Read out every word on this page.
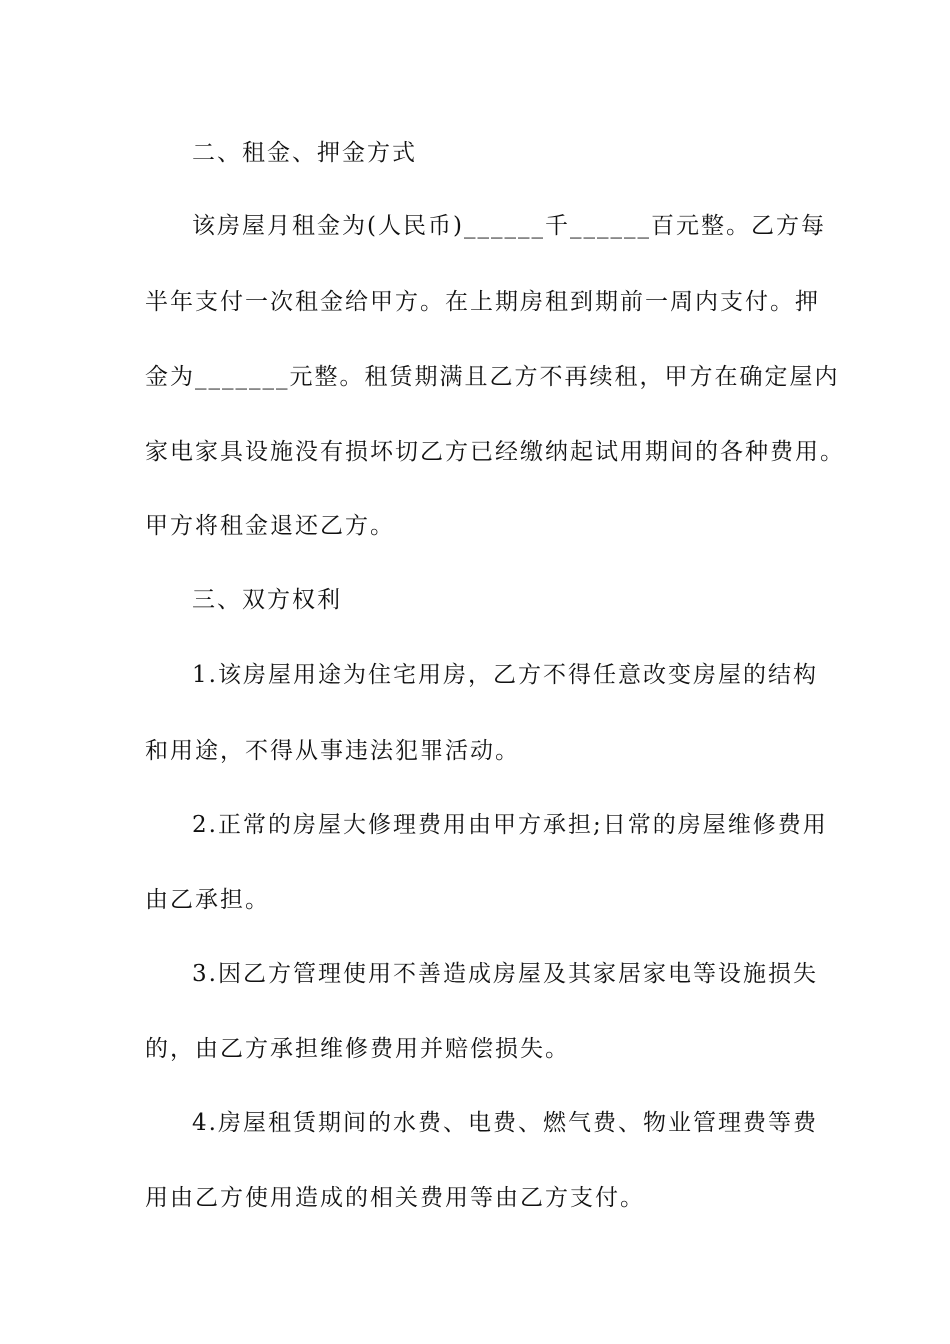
二、租金、押金方式
该房屋月租金为(人民币)______千______百元整。乙方每
半年支付一次租金给甲方。在上期房租到期前一周内支付。押
金为_______元整。租赁期满且乙方不再续租，甲方在确定屋内
家电家具设施没有损坏切乙方已经缴纳起试用期间的各种费用。
甲方将租金退还乙方。
三、双方权利
1.该房屋用途为住宅用房，乙方不得任意改变房屋的结构
和用途，不得从事违法犯罪活动。
2.正常的房屋大修理费用由甲方承担;日常的房屋维修费用
由乙承担。
3.因乙方管理使用不善造成房屋及其家居家电等设施损失
的，由乙方承担维修费用并赔偿损失。
4.房屋租赁期间的水费、电费、燃气费、物业管理费等费
用由乙方使用造成的相关费用等由乙方支付。
